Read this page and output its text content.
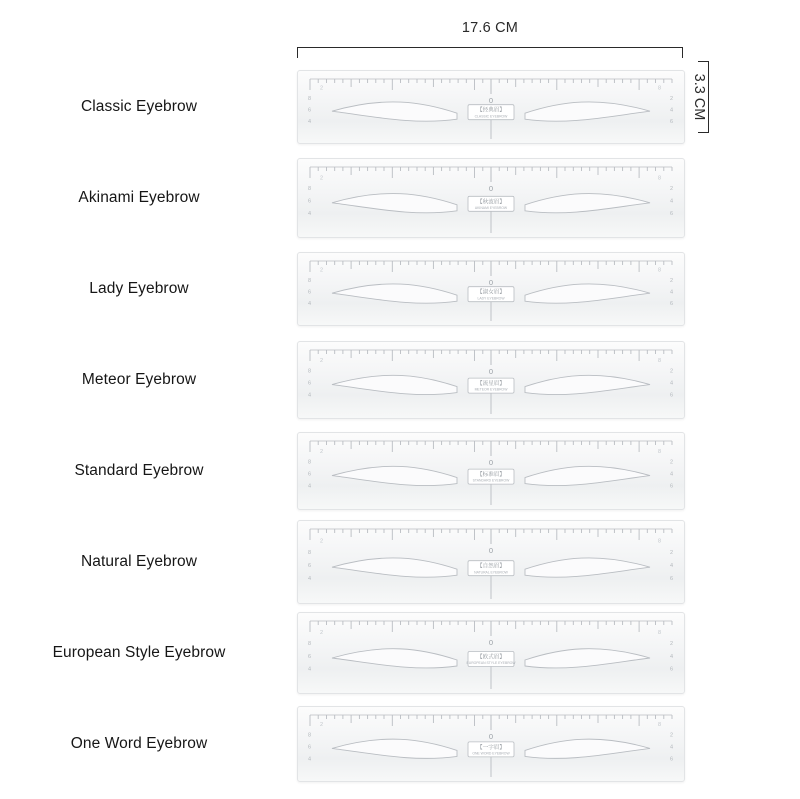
17.6 CM
3.3 CM
Classic Eyebrow	0
8	2
6	4
4	6
2	8
【经典眉】
CLASSIC EYEBROW
Akinami Eyebrow
0
8	2
6	4
4	6
2	8
【秋波眉】
AKINAMI EYEBROW
Lady Eyebrow	0
8	2
6	4
4	6
2	8
【淑女眉】
LADY EYEBROW
Meteor Eyebrow	0
8	2
6	4
4	6
2	8
【流星眉】
METEOR EYEBROW
Standard Eyebrow	0
8	2
6	4
4	6
2	8
【标准眉】
STANDARD EYEBROW
Natural Eyebrow
0
8	2
6	4
4	6
2	8
【自然眉】
NATURAL EYEBROW
European Style Eyebrow
0
8	2
6	4
4	6
2	8
【欧式眉】
EUROPEAN STYLE EYEBROW
One Word Eyebrow	0
8	2
6	4
4	6
2	8
【一字眉】
ONE WORD EYEBROW
